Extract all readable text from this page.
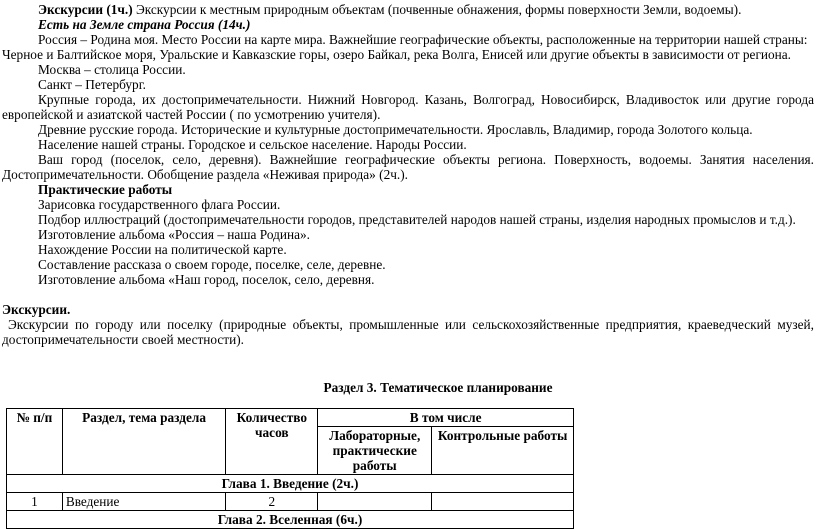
Экскурсии (1ч.) Экскурсии к местным природным объектам (почвенные обнажения, формы поверхности Земли, водоемы).
Есть на Земле страна Россия (14ч.)
Россия – Родина моя. Место России на карте мира. Важнейшие географические объекты, расположенные на территории нашей страны:
Черное и Балтийское моря, Уральские и Кавказские горы, озеро Байкал, река Волга, Енисей или другие объекты в зависимости от региона.
Москва – столица России.
Санкт – Петербург.
Крупные города, их достопримечательности. Нижний Новгород. Казань, Волгоград, Новосибирск, Владивосток или другие города
европейской и азиатской частей России ( по усмотрению учителя).
Древние русские города. Исторические и культурные достопримечательности. Ярославль, Владимир, города Золотого кольца.
Население нашей страны. Городское и сельское население. Народы России.
Ваш город (поселок, село, деревня). Важнейшие географические объекты региона. Поверхность, водоемы. Занятия населения.
Достопримечательности. Обобщение раздела «Неживая природа» (2ч.).
Практические работы
Зарисовка государственного флага России.
Подбор иллюстраций (достопримечательности городов, представителей народов нашей страны, изделия народных промыслов и т.д.).
Изготовление альбома «Россия – наша Родина».
Нахождение России на политической карте.
Составление рассказа о своем городе, поселке, селе, деревне.
Изготовление альбома «Наш город, поселок, село, деревня.
Экскурсии.
Экскурсии по городу или поселку (природные объекты, промышленные или сельскохозяйственные предприятия, краеведческий музей,
достопримечательности своей местности).
Раздел 3. Тематическое планирование
№ п/п	Раздел, тема раздела	Количество часов	В том числе	
			Лабораторные, практические работы	Контрольные работы
Глава 1. Введение (2ч.)				
1	Введение	2		
Глава 2. Вселенная (6ч.)				
